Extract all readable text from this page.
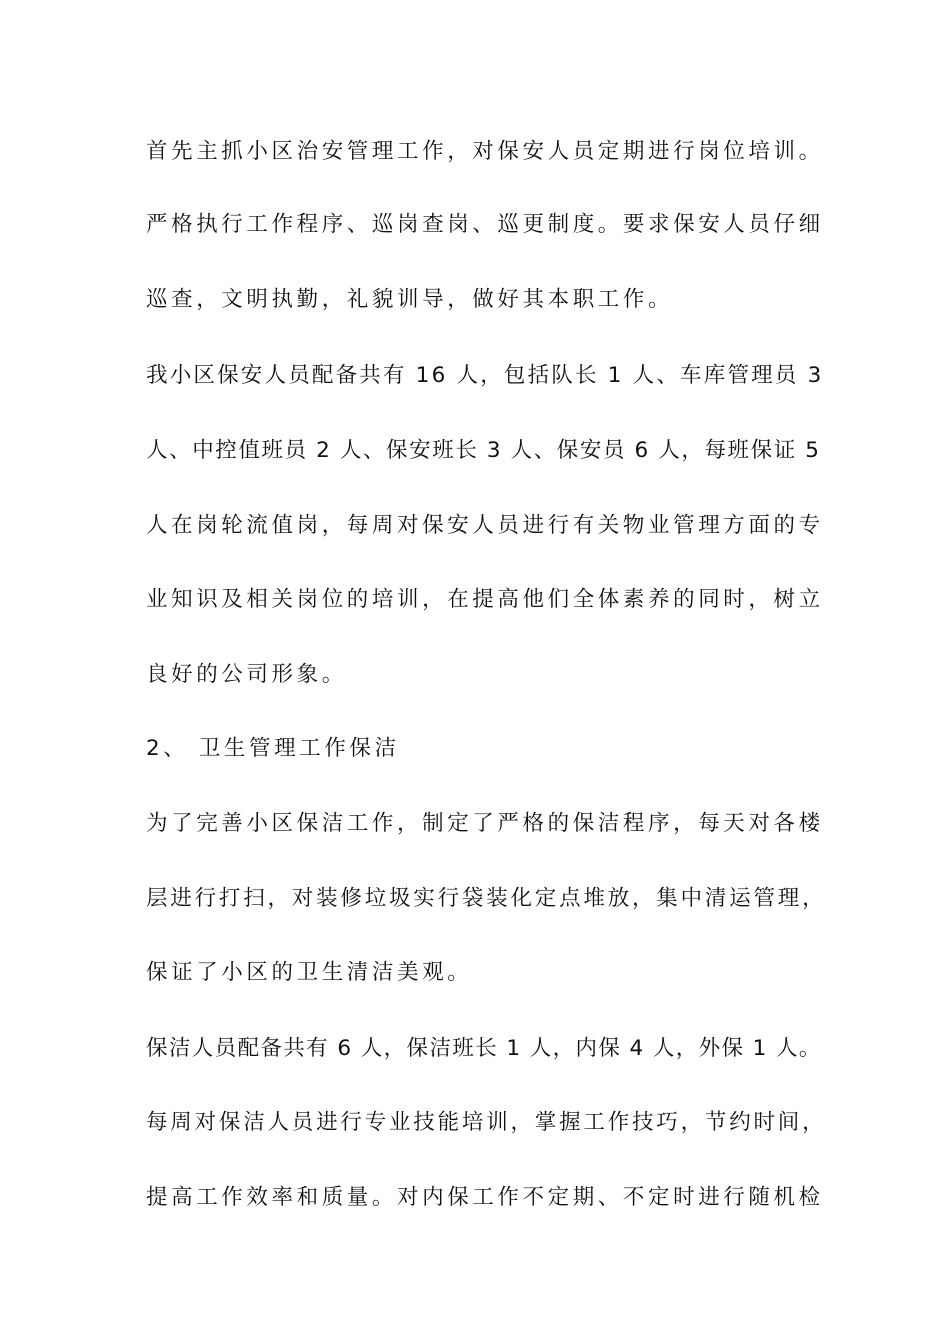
首先主抓小区治安管理工作，对保安人员定期进行岗位培训。

严格执行工作程序、巡岗查岗、巡更制度。要求保安人员仔细

巡查，文明执勤，礼貌训导，做好其本职工作。

我小区保安人员配备共有 16 人，包括队长 1 人、车库管理员 3

人、中控值班员 2 人、保安班长 3 人、保安员 6 人，每班保证 5

人在岗轮流值岗，每周对保安人员进行有关物业管理方面的专

业知识及相关岗位的培训，在提高他们全体素养的同时，树立

良好的公司形象。

2、 卫生管理工作保洁

为了完善小区保洁工作，制定了严格的保洁程序，每天对各楼

层进行打扫，对装修垃圾实行袋装化定点堆放，集中清运管理，

保证了小区的卫生清洁美观。

保洁人员配备共有 6 人，保洁班长 1 人，内保 4 人，外保 1 人。

每周对保洁人员进行专业技能培训，掌握工作技巧，节约时间，

提高工作效率和质量。对内保工作不定期、不定时进行随机检
